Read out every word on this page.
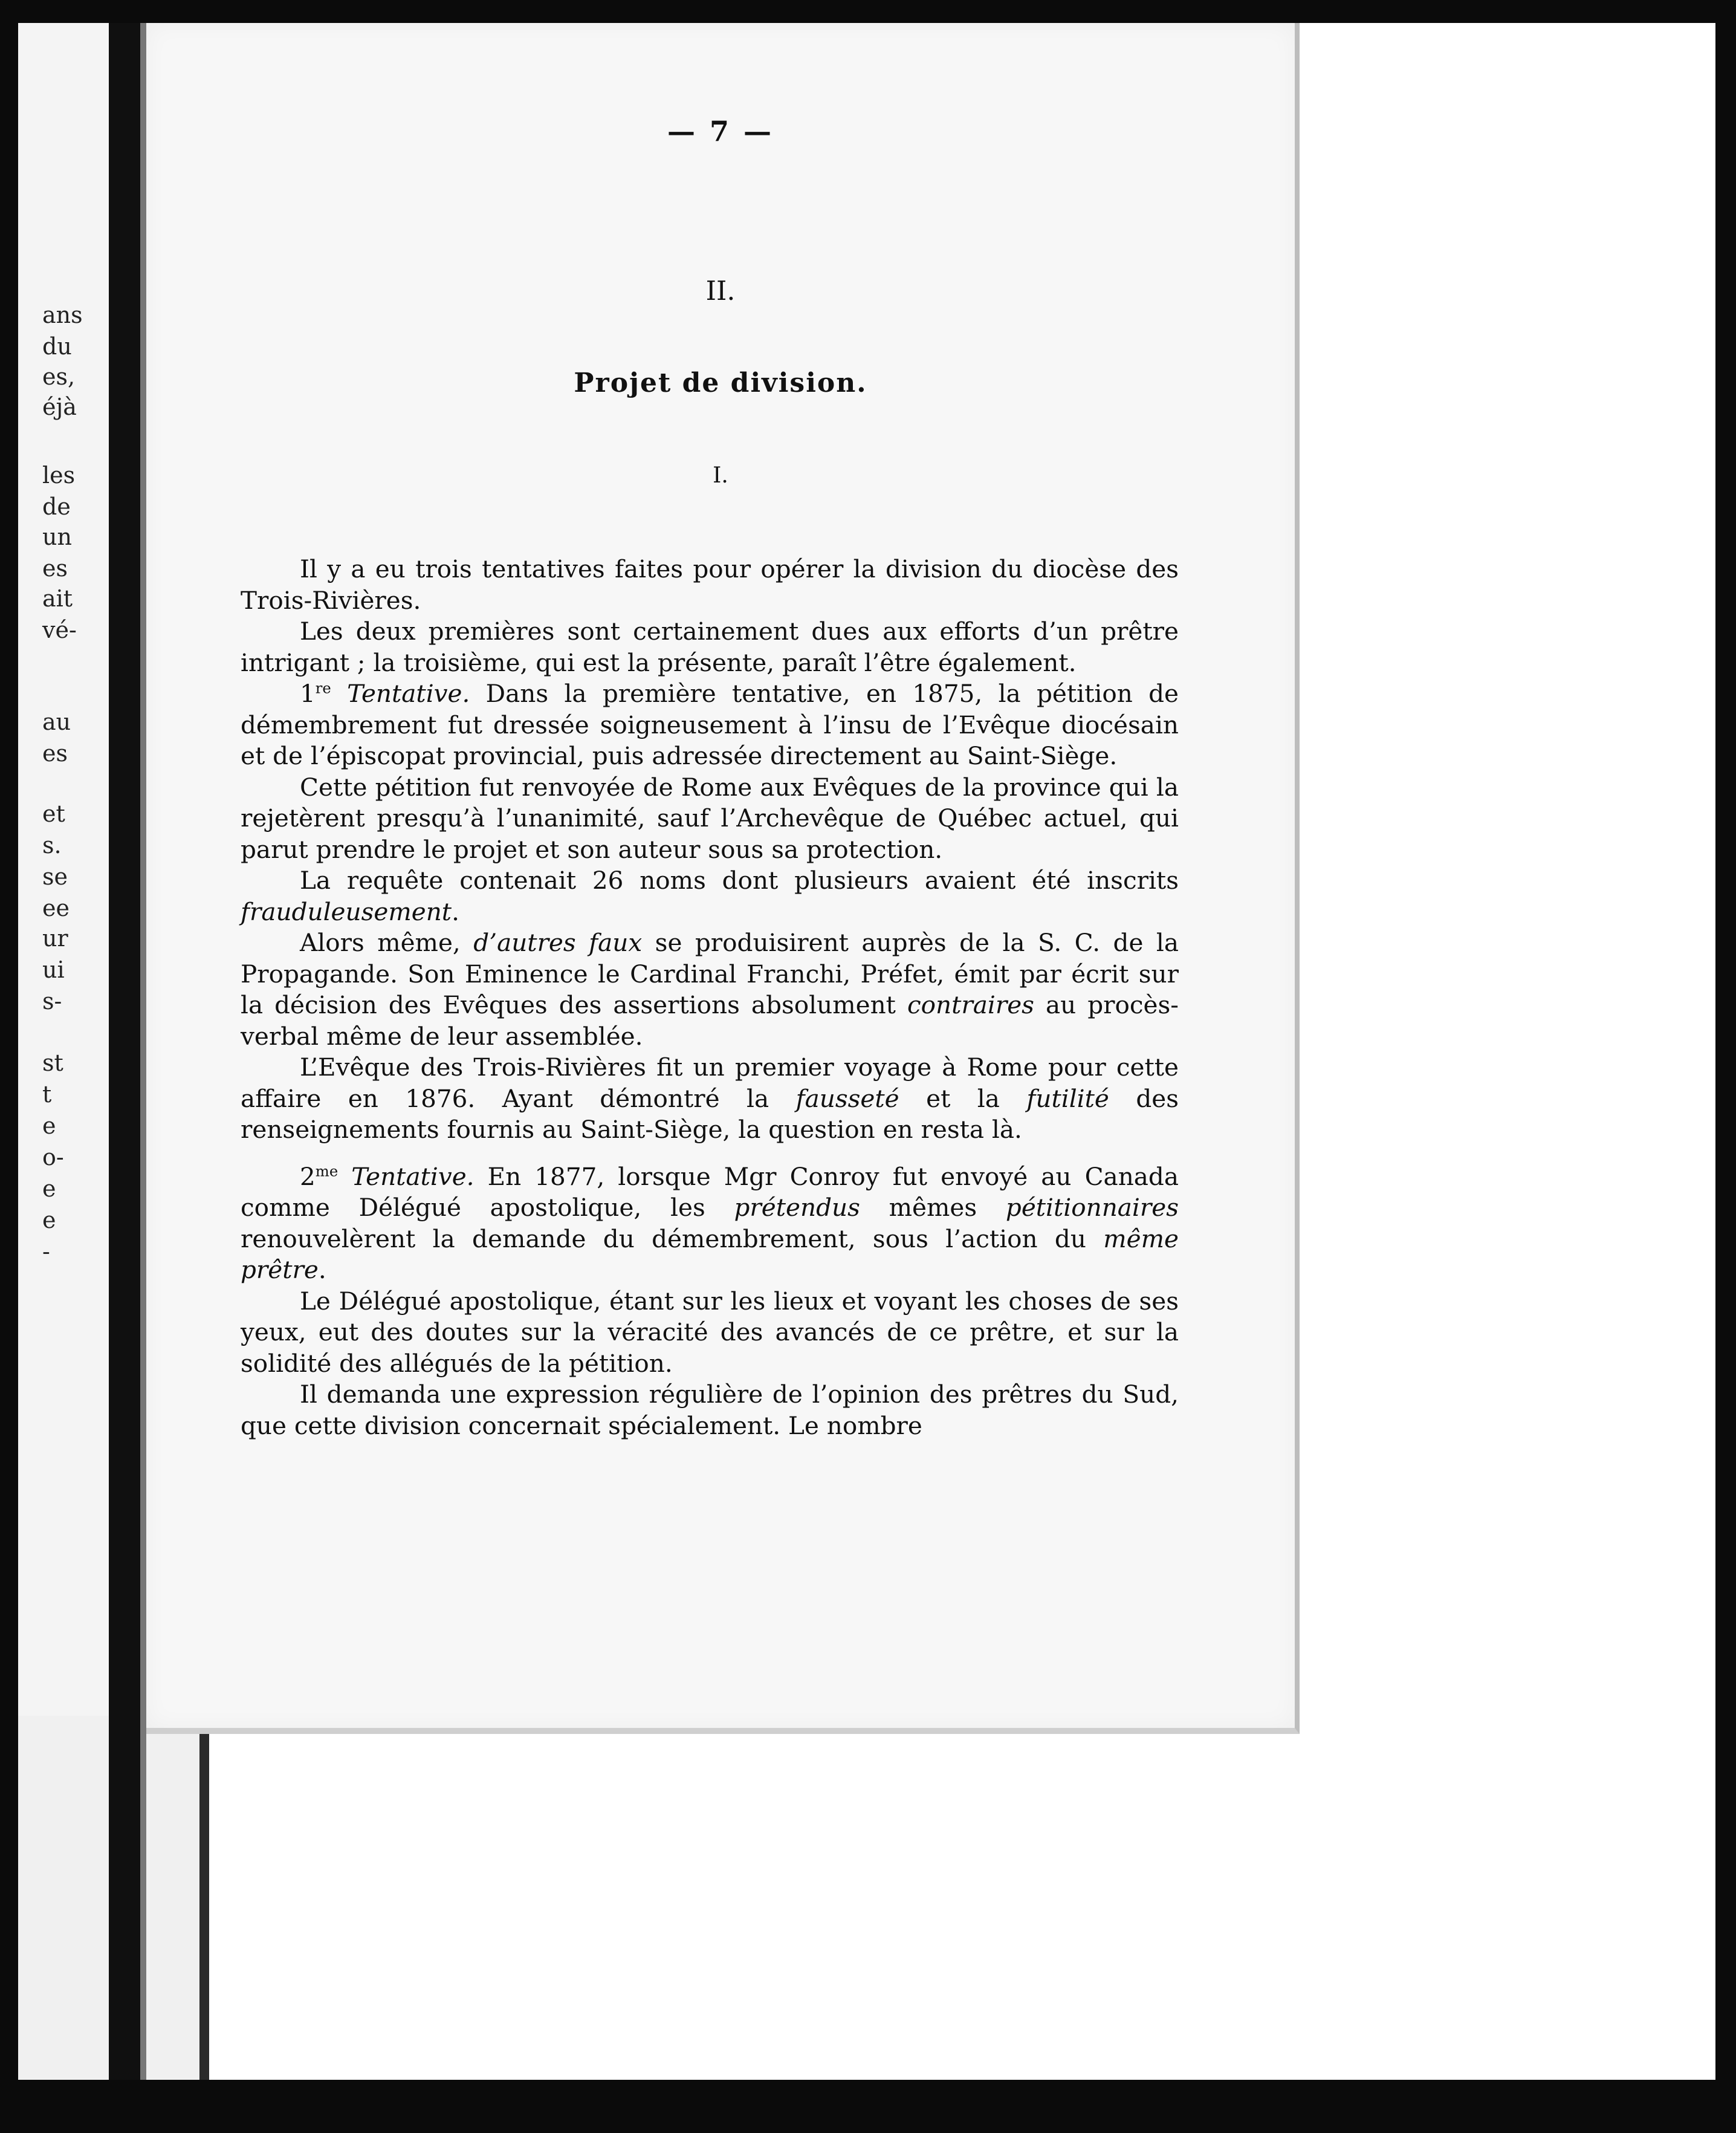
ans
du
es,
éjà
les
de
un
es
ait
vé-
au
es
et
s.
se
ee
ur
ui
s-
st
t
e
o-
e
e
-
— 7 —
II.
Projet de division.
I.

Il y a eu trois tentatives faites pour opérer la division du diocèse des Trois-Rivières.

Les deux premières sont certainement dues aux efforts d’un prêtre intrigant ; la troisième, qui est la présente, paraît l’être également.

1re Tentative. Dans la première tentative, en 1875, la pétition de démembrement fut dressée soigneusement à l’insu de l’Evêque diocésain et de l’épiscopat provincial, puis adressée directement au Saint-Siège.

Cette pétition fut renvoyée de Rome aux Evêques de la province qui la rejetèrent presqu’à l’unanimité, sauf l’Archevêque de Québec actuel, qui parut prendre le projet et son auteur sous sa protection.

La requête contenait 26 noms dont plusieurs avaient été inscrits frauduleusement.

Alors même, d’autres faux se produisirent auprès de la S. C. de la Propagande. Son Eminence le Cardinal Franchi, Préfet, émit par écrit sur la décision des Evêques des assertions absolument contraires au procès-verbal même de leur assemblée.

L’Evêque des Trois-Rivières fit un premier voyage à Rome pour cette affaire en 1876. Ayant démontré la fausseté et la futilité des renseignements fournis au Saint-Siège, la question en resta là.

$2^{me}$ Tentative. En 1877, lorsque Mgr Conroy fut envoyé au Canada comme Délégué apostolique, les prétendus mêmes pétitionnaires renouvelèrent la demande du démembrement, sous l’action du même prêtre.

Le Délégué apostolique, étant sur les lieux et voyant les choses de ses yeux, eut des doutes sur la véracité des avancés de ce prêtre, et sur la solidité des allégués de la pétition.

Il demanda une expression régulière de l’opinion des prêtres du Sud, que cette division concernait spécialement. Le nombre
